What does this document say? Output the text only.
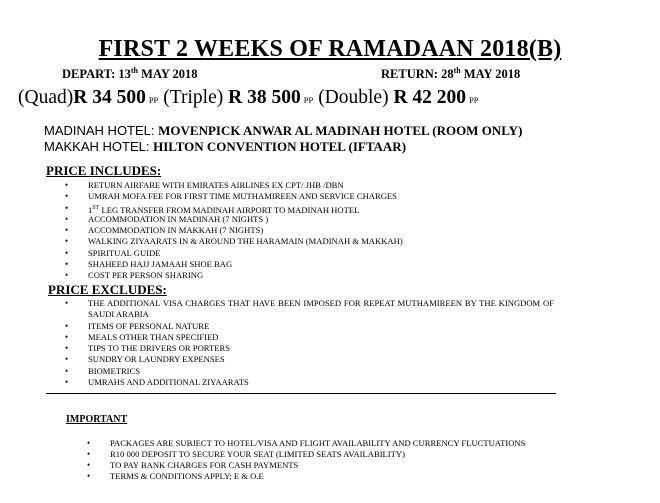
FIRST 2 WEEKS OF RAMADAAN 2018(B)
DEPART: 13th MAY 2018	RETURN: 28th MAY 2018
(Quad)R 34 500 PP (Triple) R 38 500 PP (Double) R 42 200 PP
MADINAH HOTEL: MOVENPICK ANWAR AL MADINAH HOTEL (ROOM ONLY)
MAKKAH HOTEL: HILTON CONVENTION HOTEL (IFTAAR)
PRICE INCLUDES:
• RETURN AIRFARE WITH EMIRATES AIRLINES EX CPT/ JHB /DBN
• UMRAH MOFA FEE FOR FIRST TIME MUTHAMIREEN AND SERVICE CHARGES
• 1ST LEG TRANSFER FROM MADINAH AIRPORT TO MADINAH HOTEL
• ACCOMMODATION IN MADINAH (7 NIGHTS )
• ACCOMMODATION IN MAKKAH (7 NIGHTS)
• WALKING ZIYAARATS IN & AROUND THE HARAMAIN (MADINAH & MAKKAH)
• SPIRITUAL GUIDE
• SHAHEED HAJJ JAMAAH SHOE BAG
• COST PER PERSON SHARING
PRICE EXCLUDES:
• THE ADDITIONAL VISA CHARGES THAT HAVE BEEN IMPOSED FOR REPEAT MUTHAMIREEN BY THE KINGDOM OF SAUDI ARABIA
• ITEMS OF PERSONAL NATURE
• MEALS OTHER THAN SPECIFIED
• TIPS TO THE DRIVERS OR PORTERS
• SUNDRY OR LAUNDRY EXPENSES
• BIOMETRICS
• UMRAHS AND ADDITIONAL ZIYAARATS
IMPORTANT
• PACKAGES ARE SUBJECT TO HOTEL/VISA AND FLIGHT AVAILABILITY AND CURRENCY FLUCTUATIONS
• R10 000 DEPOSIT TO SECURE YOUR SEAT (LIMITED SEATS AVAILABILITY)
• TO PAY BANK CHARGES FOR CASH PAYMENTS
• TERMS & CONDITIONS APPLY; E & O.E
